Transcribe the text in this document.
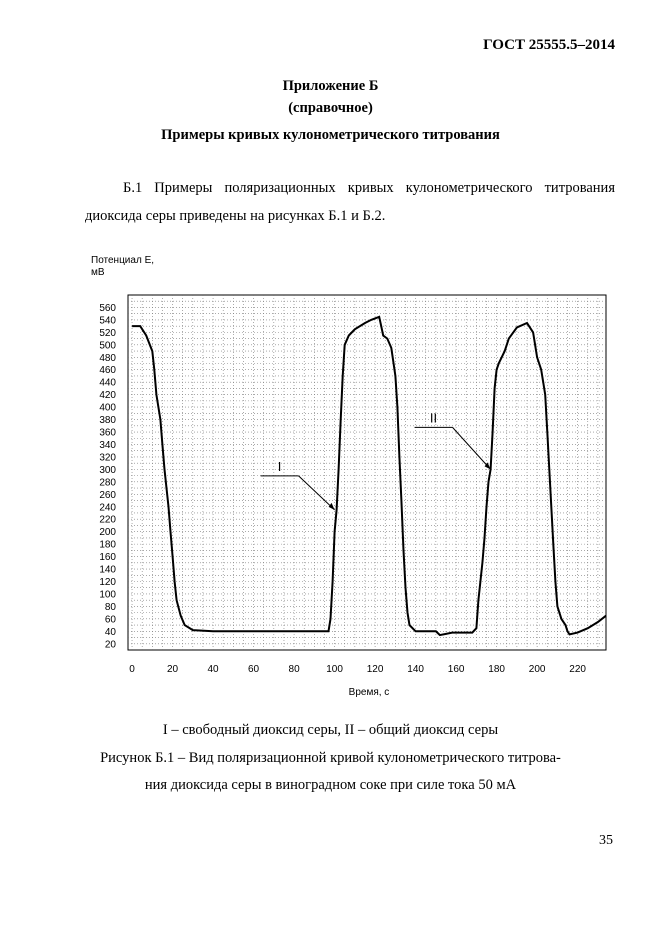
ГОСТ 25555.5–2014
Приложение Б
(справочное)
Примеры кривых кулонометрического титрования
Б.1 Примеры поляризационных кривых кулонометрического титрования диоксида серы приведены на рисунках Б.1 и Б.2.
Потенциал E,
мВ
20
40
60
80
100
120
140
160
180
200
220
240
260
280
300
320
340
360
380
400
420
440
460
480
500
520
540
560
0	20	40	60	80	100 120 140 160 180 200 220
I
II
Время, с
I – свободный диоксид серы, II – общий диоксид серы
Рисунок Б.1 – Вид поляризационной кривой кулонометрического титрова-
ния диоксида серы в виноградном соке при силе тока 50 мА
35
